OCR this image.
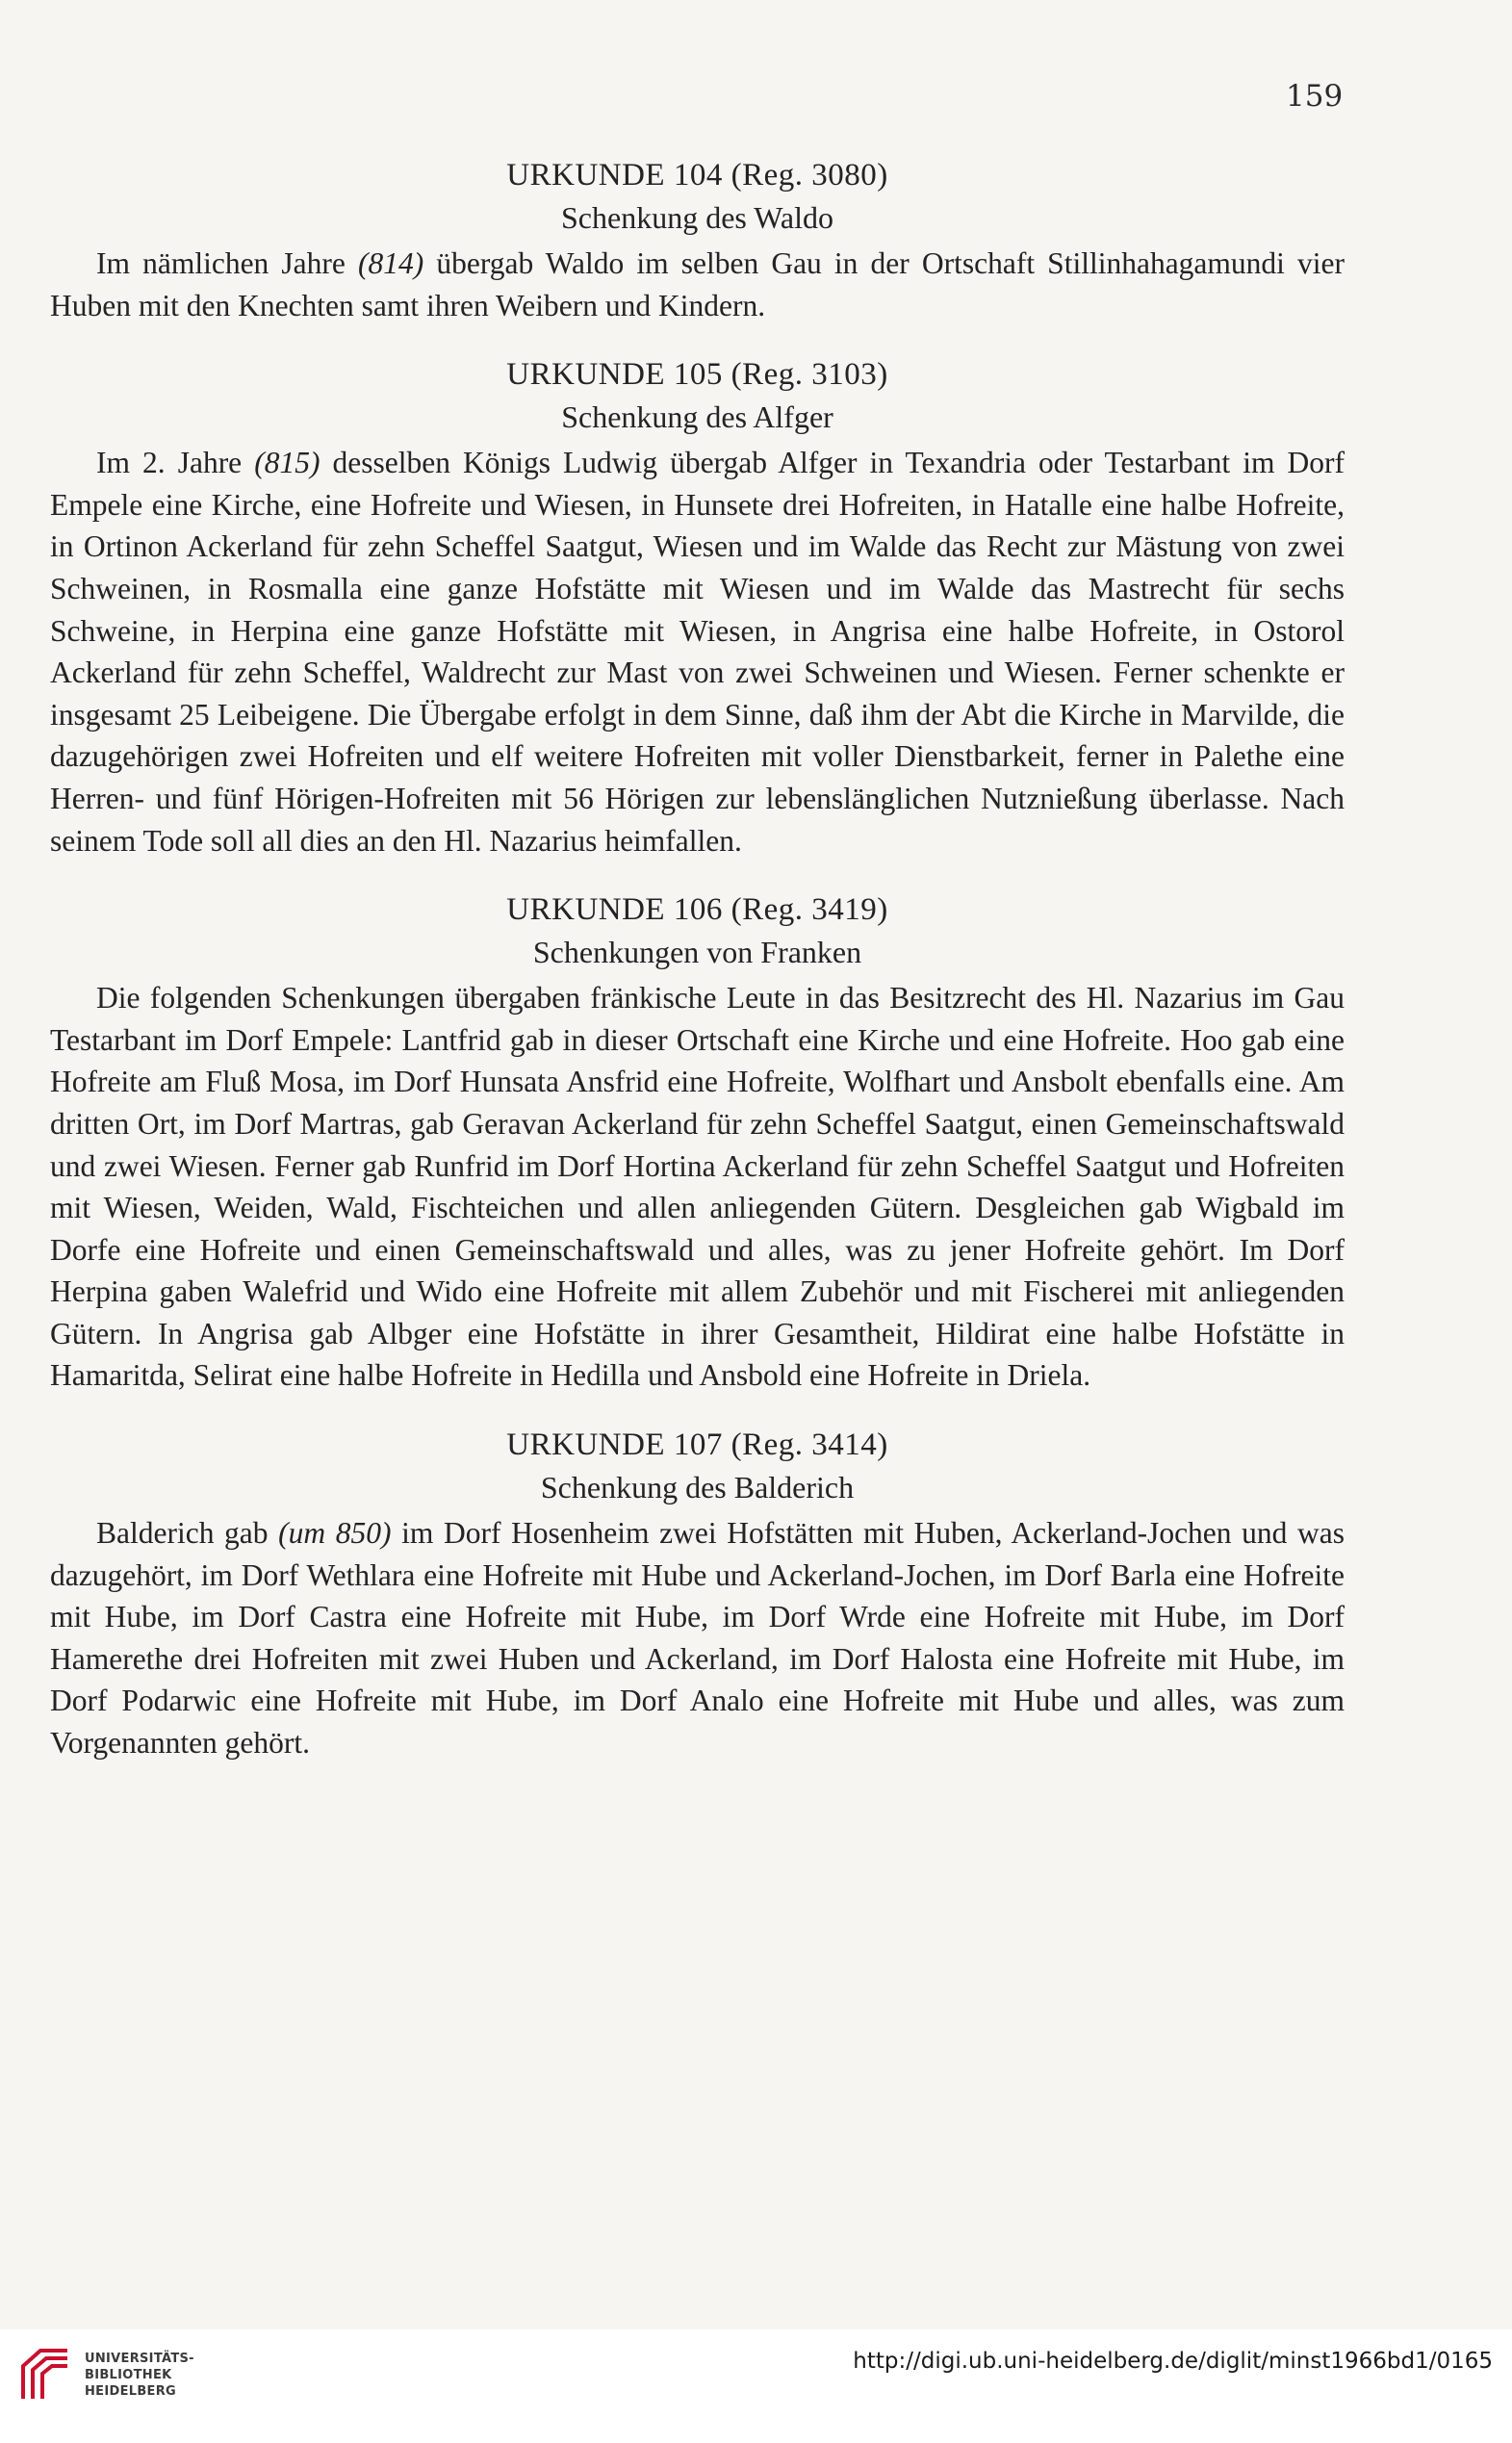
159

URKUNDE 104 (Reg. 3080)

Schenkung des Waldo

Im nämlichen Jahre (814) übergab Waldo im selben Gau in der Ortschaft Stillinhahagamundi vier Huben mit den Knechten samt ihren Weibern und Kindern.

URKUNDE 105 (Reg. 3103)

Schenkung des Alfger

Im 2. Jahre (815) desselben Königs Ludwig übergab Alfger in Texandria oder Testarbant im Dorf Empele eine Kirche, eine Hofreite und Wiesen, in Hunsete drei Hofreiten, in Hatalle eine halbe Hofreite, in Ortinon Ackerland für zehn Scheffel Saatgut, Wiesen und im Walde das Recht zur Mästung von zwei Schweinen, in Rosmalla eine ganze Hofstätte mit Wiesen und im Walde das Mastrecht für sechs Schweine, in Herpina eine ganze Hofstätte mit Wiesen, in Angrisa eine halbe Hofreite, in Ostorol Ackerland für zehn Scheffel, Waldrecht zur Mast von zwei Schweinen und Wiesen. Ferner schenkte er insgesamt 25 Leibeigene. Die Übergabe erfolgt in dem Sinne, daß ihm der Abt die Kirche in Marvilde, die dazugehörigen zwei Hofreiten und elf weitere Hofreiten mit voller Dienstbarkeit, ferner in Palethe eine Herren- und fünf Hörigen-Hofreiten mit 56 Hörigen zur lebenslänglichen Nutznießung überlasse. Nach seinem Tode soll all dies an den Hl. Nazarius heimfallen.

URKUNDE 106 (Reg. 3419)

Schenkungen von Franken

Die folgenden Schenkungen übergaben fränkische Leute in das Besitzrecht des Hl. Nazarius im Gau Testarbant im Dorf Empele: Lantfrid gab in dieser Ortschaft eine Kirche und eine Hofreite. Hoo gab eine Hofreite am Fluß Mosa, im Dorf Hunsata Ansfrid eine Hofreite, Wolfhart und Ansbolt ebenfalls eine. Am dritten Ort, im Dorf Martras, gab Geravan Ackerland für zehn Scheffel Saatgut, einen Gemeinschaftswald und zwei Wiesen. Ferner gab Runfrid im Dorf Hortina Ackerland für zehn Scheffel Saatgut und Hofreiten mit Wiesen, Weiden, Wald, Fischteichen und allen anliegenden Gütern. Desgleichen gab Wigbald im Dorfe eine Hofreite und einen Gemeinschaftswald und alles, was zu jener Hofreite gehört. Im Dorf Herpina gaben Walefrid und Wido eine Hofreite mit allem Zubehör und mit Fischerei mit anliegenden Gütern. In Angrisa gab Albger eine Hofstätte in ihrer Gesamtheit, Hildirat eine halbe Hofstätte in Hamaritda, Selirat eine halbe Hofreite in Hedilla und Ansbold eine Hofreite in Driela.

URKUNDE 107 (Reg. 3414)

Schenkung des Balderich

Balderich gab (um 850) im Dorf Hosenheim zwei Hofstätten mit Huben, Ackerland-Jochen und was dazugehört, im Dorf Wethlara eine Hofreite mit Hube und Ackerland-Jochen, im Dorf Barla eine Hofreite mit Hube, im Dorf Castra eine Hofreite mit Hube, im Dorf Wrde eine Hofreite mit Hube, im Dorf Hamerethe drei Hofreiten mit zwei Huben und Ackerland, im Dorf Halosta eine Hofreite mit Hube, im Dorf Podarwic eine Hofreite mit Hube, im Dorf Analo eine Hofreite mit Hube und alles, was zum Vorgenannten gehört.

UNIVERSITÄTS-
BIBLIOTHEK
HEIDELBERG
http://digi.ub.uni-heidelberg.de/diglit/minst1966bd1/0165
